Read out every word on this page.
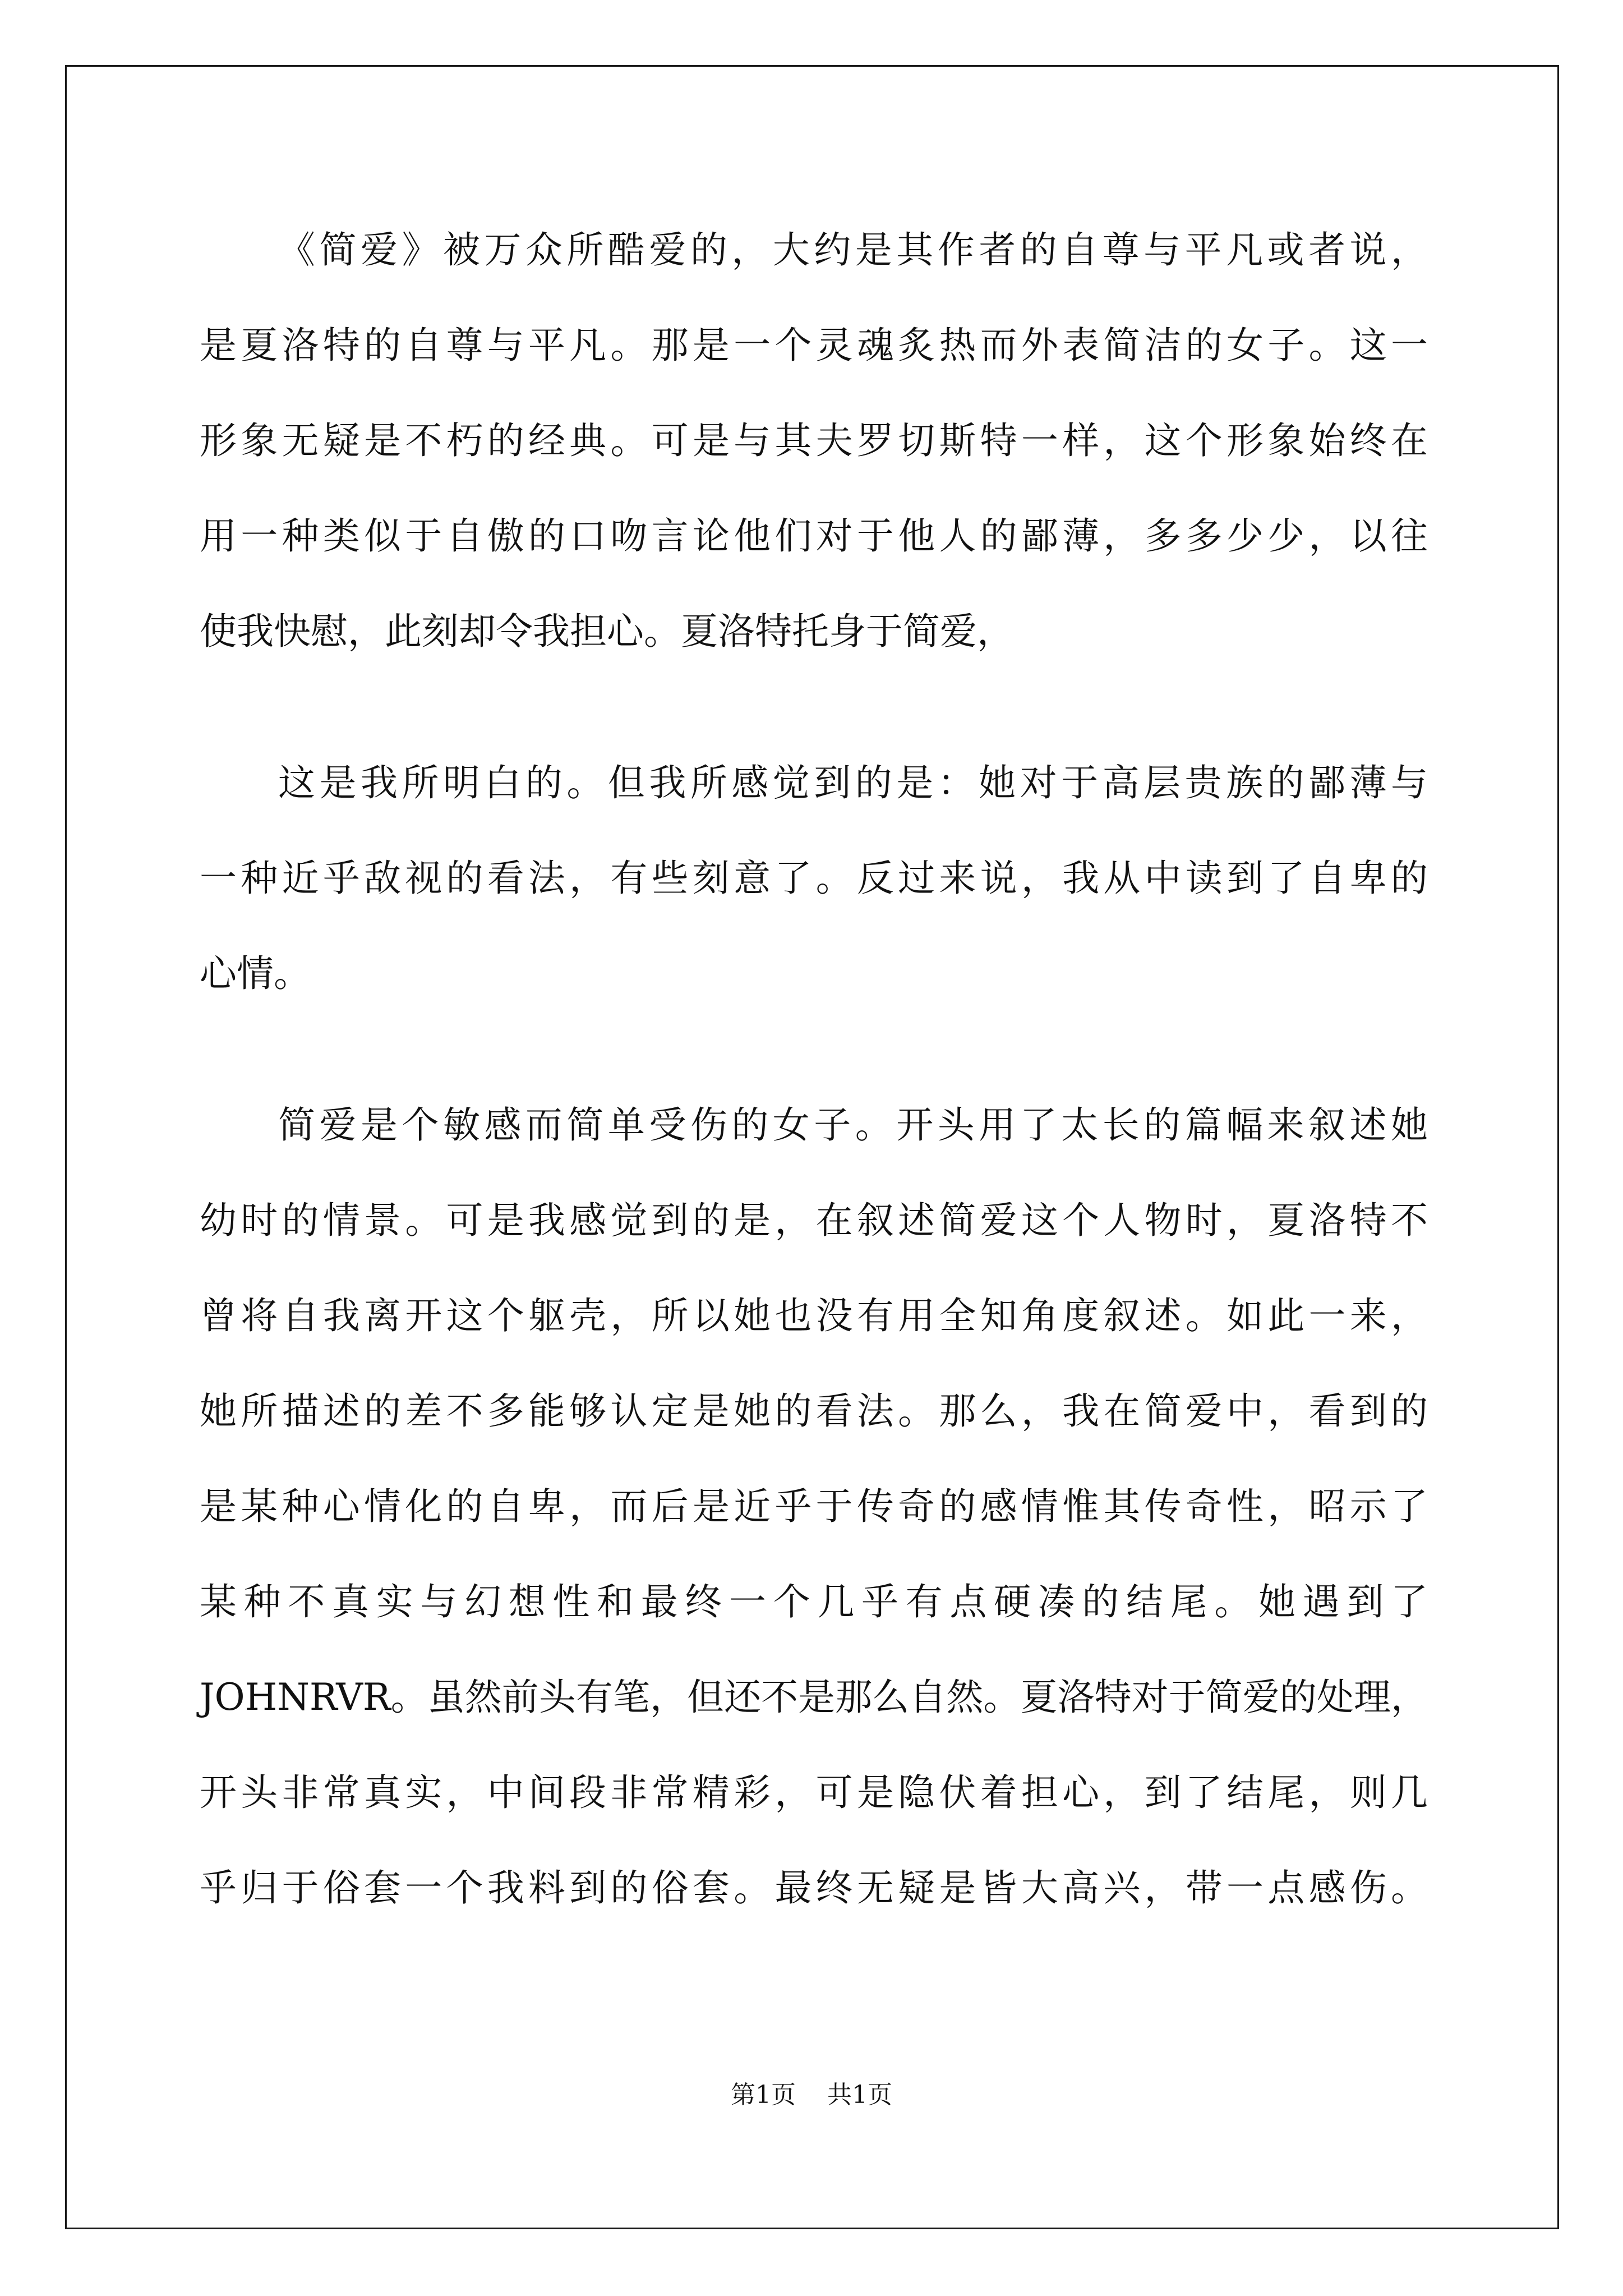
《简爱》被万众所酷爱的，大约是其作者的自尊与平凡或者说，
是夏洛特的自尊与平凡。那是一个灵魂炙热而外表简洁的女子。这一
形象无疑是不朽的经典。可是与其夫罗切斯特一样，这个形象始终在
用一种类似于自傲的口吻言论他们对于他人的鄙薄，多多少少，以往
使我快慰，此刻却令我担心。夏洛特托身于简爱，
这是我所明白的。但我所感觉到的是：她对于高层贵族的鄙薄与
一种近乎敌视的看法，有些刻意了。反过来说，我从中读到了自卑的
心情。
简爱是个敏感而简单受伤的女子。开头用了太长的篇幅来叙述她
幼时的情景。可是我感觉到的是，在叙述简爱这个人物时，夏洛特不
曾将自我离开这个躯壳，所以她也没有用全知角度叙述。如此一来，
她所描述的差不多能够认定是她的看法。那么，我在简爱中，看到的
是某种心情化的自卑，而后是近乎于传奇的感情惟其传奇性，昭示了
某种不真实与幻想性和最终一个几乎有点硬凑的结尾。她遇到了
JOHNRVR。虽然前头有笔，但还不是那么自然。夏洛特对于简爱的处理，
开头非常真实，中间段非常精彩，可是隐伏着担心，到了结尾，则几
乎归于俗套一个我料到的俗套。最终无疑是皆大高兴，带一点感伤。
第1页 共1页
